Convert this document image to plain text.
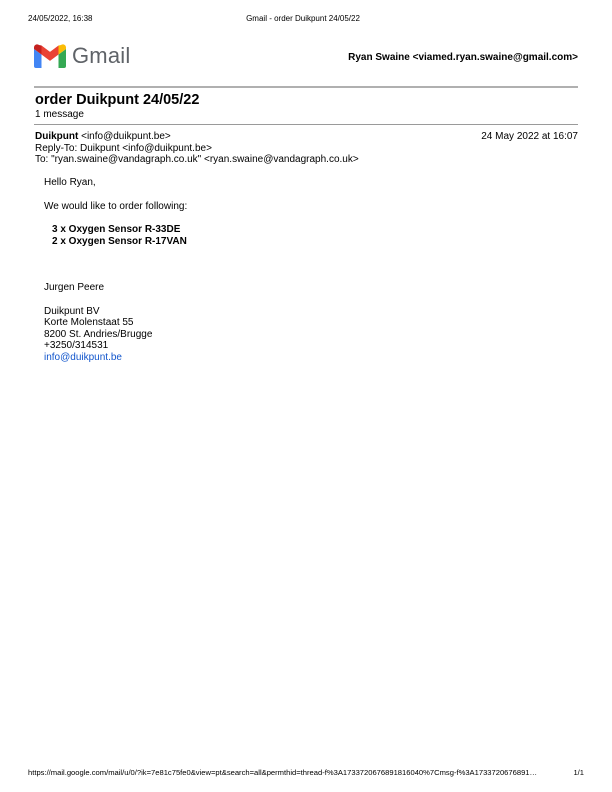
24/05/2022, 16:38	Gmail - order Duikpunt 24/05/22
Gmail	Ryan Swaine <viamed.ryan.swaine@gmail.com>
order Duikpunt 24/05/22
1 message
Duikpunt <info@duikpunt.be>	24 May 2022 at 16:07
Reply-To: Duikpunt <info@duikpunt.be>
To: "ryan.swaine@vandagraph.co.uk" <ryan.swaine@vandagraph.co.uk>

Hello Ryan,

We would like to order following:

3 x Oxygen Sensor R-33DE

2 x Oxygen Sensor R-17VAN

Jurgen Peere

Duikpunt BV

Korte Molenstaat 55

8200 St. Andries/Brugge

+3250/314531

info@duikpunt.be

https://mail.google.com/mail/u/0/?ik=7e81c75fe0&view=pt&search=all&permthid=thread-f%3A1733720676891816040%7Cmsg-f%3A1733720676891…	1/1
